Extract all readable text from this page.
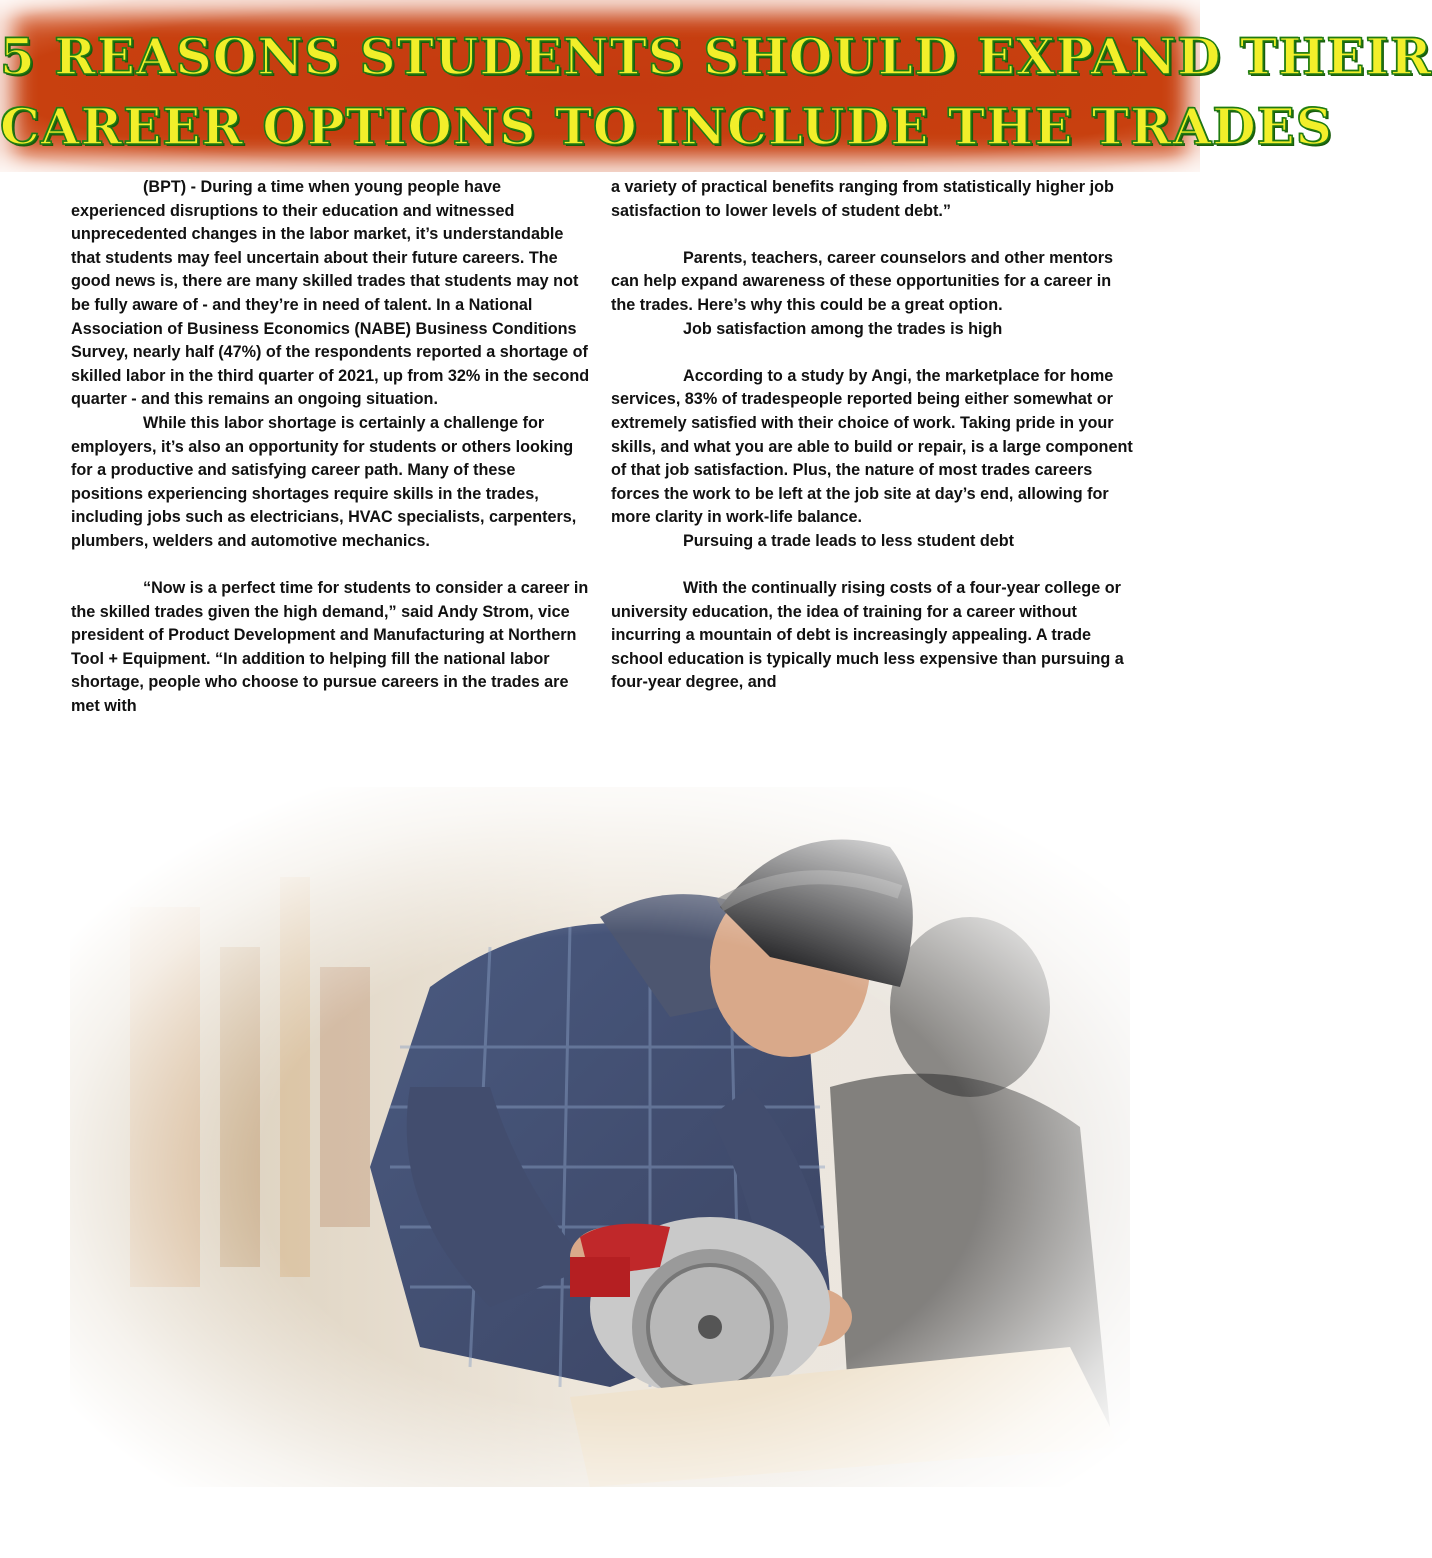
5 REASONS STUDENTS SHOULD EXPAND THEIR
CAREER OPTIONS TO INCLUDE THE TRADES

(BPT) - During a time when young people have experienced disruptions to their education and witnessed unprecedented changes in the labor market, it’s understandable that students may feel uncertain about their future careers. The good news is, there are many skilled trades that students may not be fully aware of - and they’re in need of talent. In a National Association of Business Economics (NABE) Business Conditions Survey, nearly half (47%) of the respondents reported a shortage of skilled labor in the third quarter of 2021, up from 32% in the second quarter - and this remains an ongoing situation.

While this labor shortage is certainly a challenge for employers, it’s also an opportunity for students or others looking for a productive and satisfying career path. Many of these positions experiencing shortages require skills in the trades, including jobs such as electricians, HVAC specialists, carpenters, plumbers, welders and automotive mechanics.

“Now is a perfect time for students to consider a career in the skilled trades given the high demand,” said Andy Strom, vice president of Product Development and Manufacturing at Northern Tool + Equipment. “In addition to helping fill the national labor shortage, people who choose to pursue careers in the trades are met with

a variety of practical benefits ranging from statistically higher job satisfaction to lower levels of student debt.”

Parents, teachers, career counselors and other mentors can help expand awareness of these opportunities for a career in the trades. Here’s why this could be a great option.

Job satisfaction among the trades is high

According to a study by Angi, the marketplace for home services, 83% of tradespeople reported being either somewhat or extremely satisfied with their choice of work. Taking pride in your skills, and what you are able to build or repair, is a large component of that job satisfaction. Plus, the nature of most trades careers forces the work to be left at the job site at day’s end, allowing for more clarity in work-life balance.

Pursuing a trade leads to less student debt

With the continually rising costs of a four-year college or university education, the idea of training for a career without incurring a mountain of debt is increasingly appealing. A trade school education is typically much less expensive than pursuing a four-year degree, and
